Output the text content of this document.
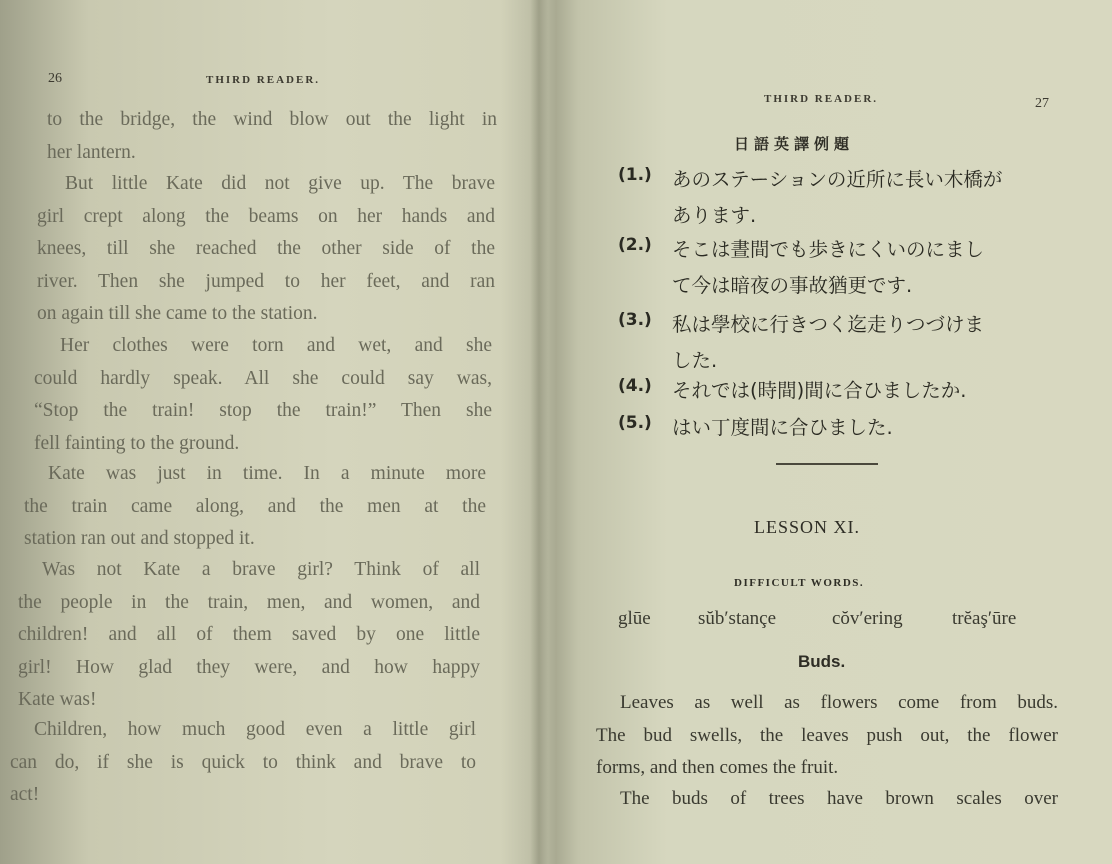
26	THIRD READER.
to the bridge, the wind blow out the light in
her lantern.
But little Kate did not give up. The brave
girl crept along the beams on her hands and
knees, till she reached the other side of the
river. Then she jumped to her feet, and ran
on again till she came to the station.
Her clothes were torn and wet, and she
could hardly speak. All she could say was,
“Stop the train! stop the train!” Then she
fell fainting to the ground.
Kate was just in time. In a minute more
the train came along, and the men at the
station ran out and stopped it.
Was not Kate a brave girl? Think of all
the people in the train, men, and women, and
children! and all of them saved by one little
girl! How glad they were, and how happy
Kate was!
Children, how much good even a little girl
can do, if she is quick to think and brave to
act!
THIRD READER.	27
日語英譯例題
(1.) あのステーションの近所に長い木橋が
あります.
(2.) そこは晝間でも歩きにくいのにまし
て今は暗夜の事故猶更です.
(3.) 私は學校に行きつく迄走りつづけま
した.
(4.) それでは(時間)間に合ひましたか.
(5.) はい丁度間に合ひました.
LESSON XI.
DIFFICULT WORDS.
glūe sŭb′stançe	cŏv′ering	trĕaş′ūre
Buds.
Leaves as well as flowers come from buds.
The bud swells, the leaves push out, the flower
forms, and then comes the fruit.
The buds of trees have brown scales over
